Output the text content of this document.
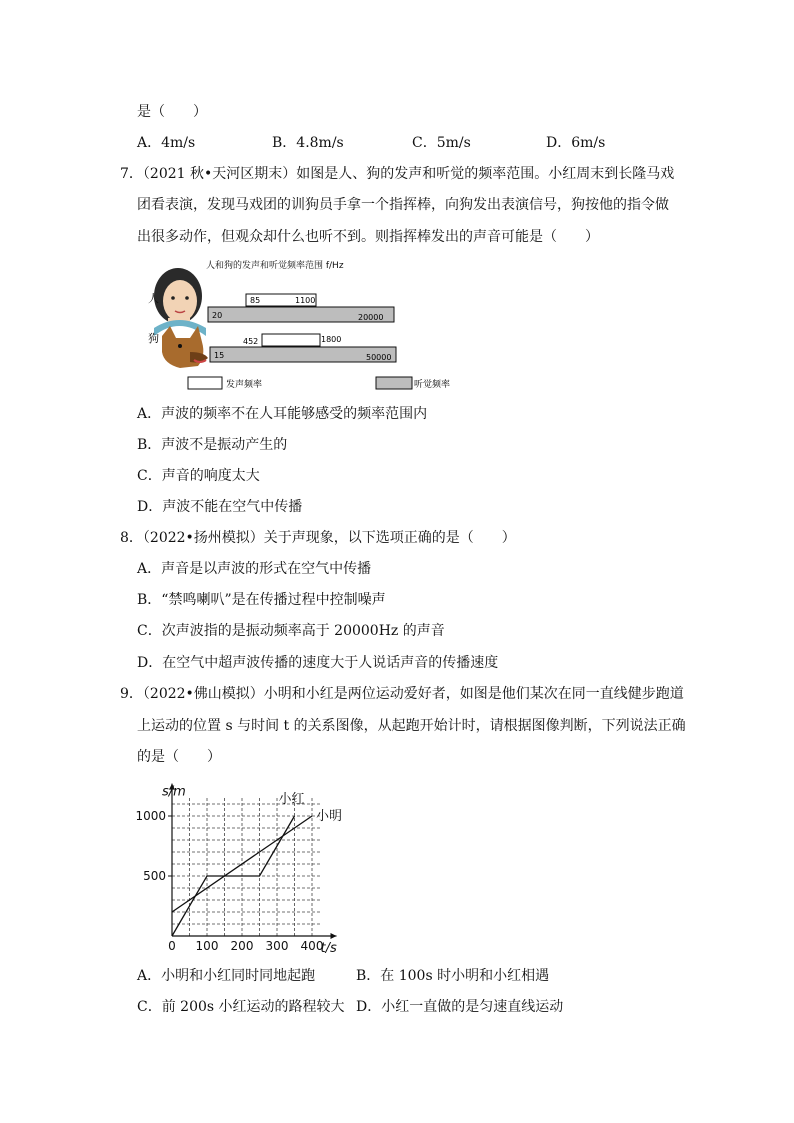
是（　　）
A．4m/s	B．4.8m/s	C．5m/s	D．6m/s
7．（2021 秋•天河区期末）如图是人、狗的发声和听觉的频率范围。小红周末到长隆马戏
团看表演，发现马戏团的训狗员手拿一个指挥棒，向狗发出表演信号，狗按他的指令做
出很多动作，但观众却什么也听不到。则指挥棒发出的声音可能是（　　）
人
狗
人和狗的发声和听觉频率范围 f/Hz
85	1100
20	20000
452	1800
15	50000
发声频率	听觉频率
A．声波的频率不在人耳能够感受的频率范围内
B．声波不是振动产生的
C．声音的响度太大
D．声波不能在空气中传播
8．（2022•扬州模拟）关于声现象，以下选项正确的是（　　）
A．声音是以声波的形式在空气中传播
B．“禁鸣喇叭”是在传播过程中控制噪声
C．次声波指的是振动频率高于 20000Hz 的声音
D．在空气中超声波传播的速度大于人说话声音的传播速度
9．（2022•佛山模拟）小明和小红是两位运动爱好者，如图是他们某次在同一直线健步跑道
上运动的位置 s 与时间 t 的关系图像，从起跑开始计时，请根据图像判断，下列说法正确
的是（　　）
0 100 200 300 400
500
1000
s/m
t/s
小红
小明
A．小明和小红同时同地起跑	B．在 100s 时小明和小红相遇
C．前 200s 小红运动的路程较大 D．小红一直做的是匀速直线运动
